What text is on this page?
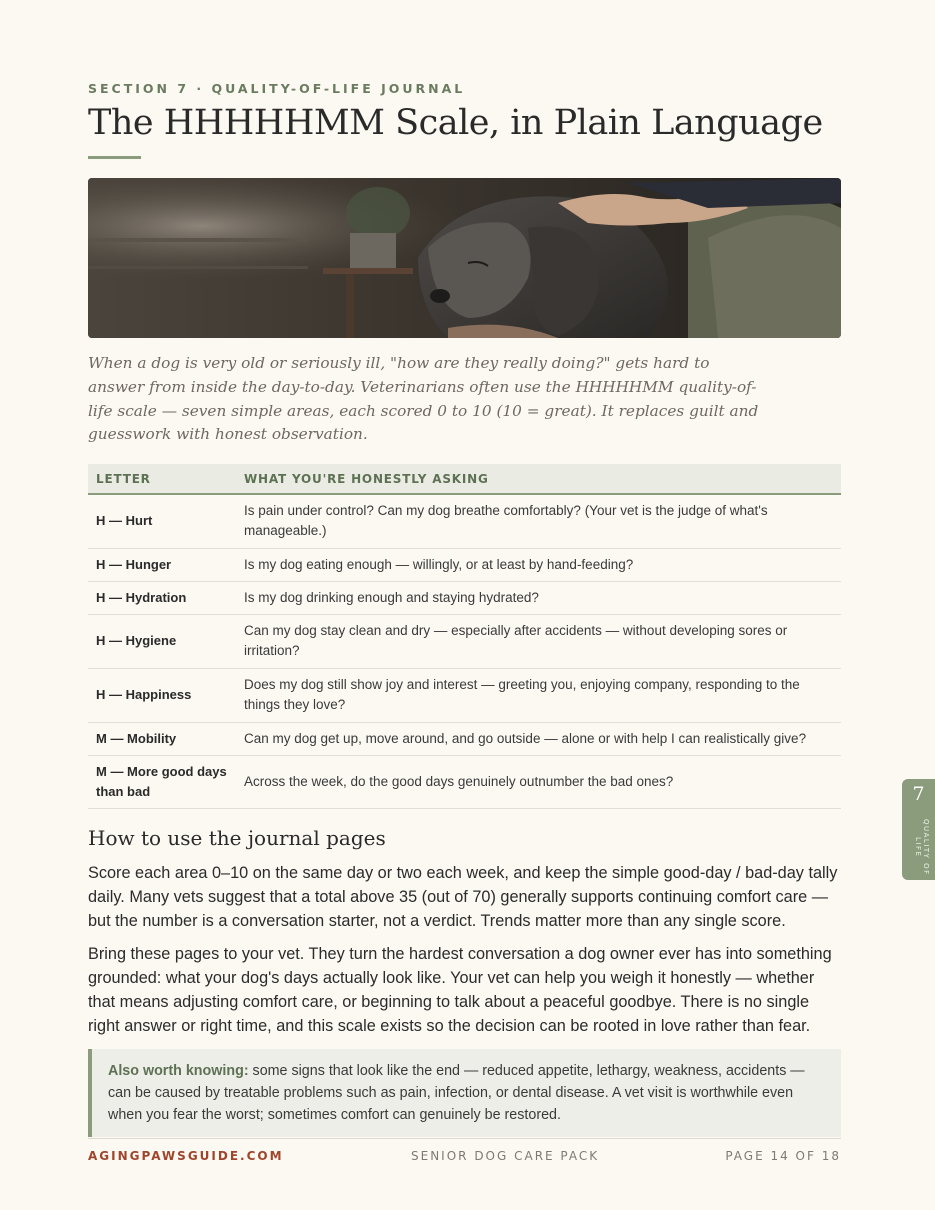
SECTION 7 · QUALITY-OF-LIFE JOURNAL
The HHHHHMM Scale, in Plain Language

When a dog is very old or seriously ill, "how are they really doing?" gets hard to answer from inside the day-to-day. Veterinarians often use the HHHHHMM quality-of-life scale — seven simple areas, each scored 0 to 10 (10 = great). It replaces guilt and guesswork with honest observation.

LETTER	WHAT YOU'RE HONESTLY ASKING
H — Hurt	Is pain under control? Can my dog breathe comfortably? (Your vet is the judge of what's manageable.)
H — Hunger	Is my dog eating enough — willingly, or at least by hand-feeding?
H — Hydration	Is my dog drinking enough and staying hydrated?
H — Hygiene	Can my dog stay clean and dry — especially after accidents — without developing sores or irritation?
H — Happiness	Does my dog still show joy and interest — greeting you, enjoying company, responding to the things they love?
M — Mobility	Can my dog get up, move around, and go outside — alone or with help I can realistically give?
M — More good days than bad	Across the week, do the good days genuinely outnumber the bad ones?
How to use the journal pages

Score each area 0–10 on the same day or two each week, and keep the simple good-day / bad-day tally daily. Many vets suggest that a total above 35 (out of 70) generally supports continuing comfort care — but the number is a conversation starter, not a verdict. Trends matter more than any single score.

Bring these pages to your vet. They turn the hardest conversation a dog owner ever has into something grounded: what your dog's days actually look like. Your vet can help you weigh it honestly — whether that means adjusting comfort care, or beginning to talk about a peaceful goodbye. There is no single right answer or right time, and this scale exists so the decision can be rooted in love rather than fear.

Also worth knowing: some signs that look like the end — reduced appetite, lethargy, weakness, accidents — can be caused by treatable problems such as pain, infection, or dental disease. A vet visit is worthwhile even when you fear the worst; sometimes comfort can genuinely be restored.
AGINGPAWSGUIDE.COM	SENIOR DOG CARE PACK	PAGE 14 OF 18
7
QUALITY OF LIFE
